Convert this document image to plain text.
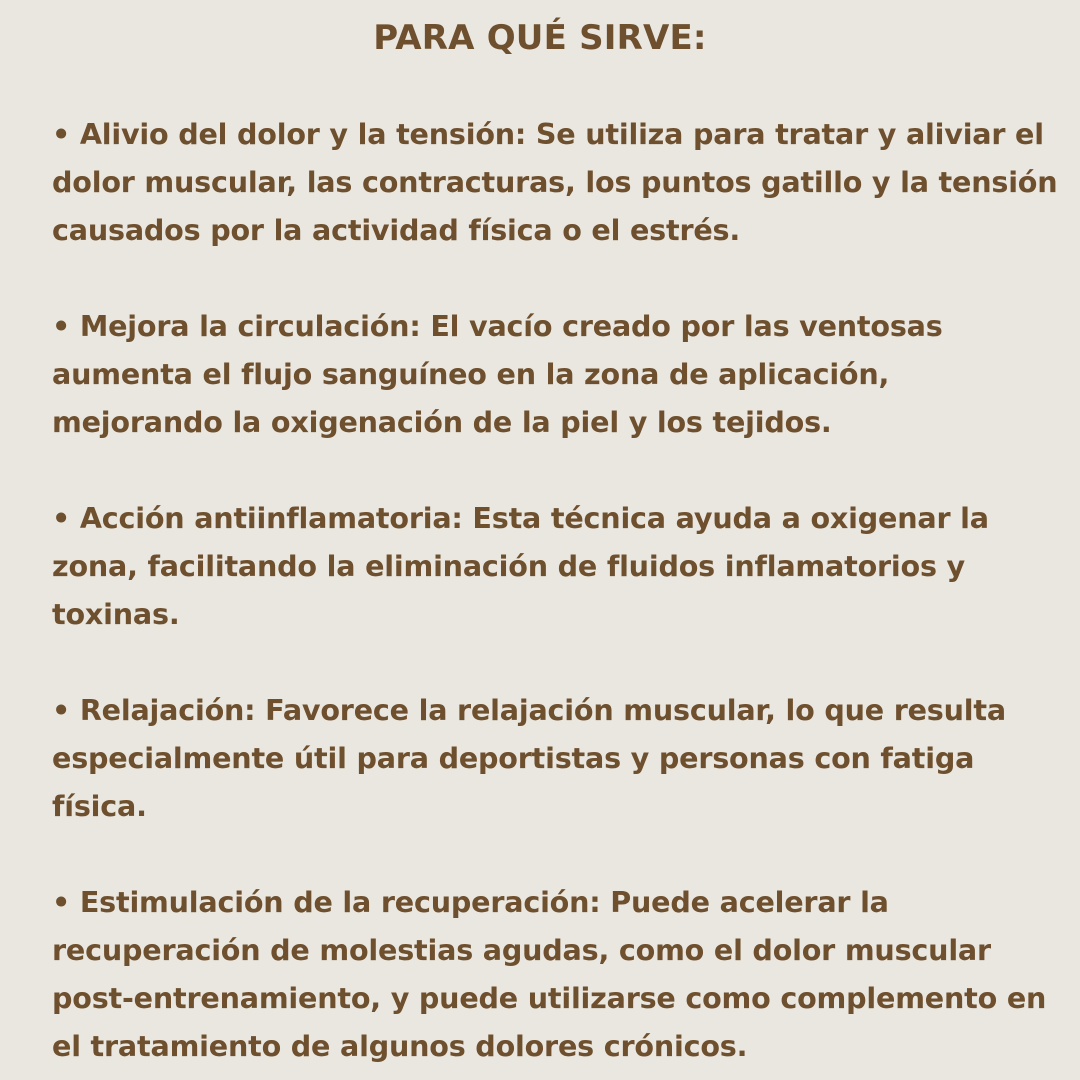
PARA QUÉ SIRVE:

• Alivio del dolor y la tensión: Se utiliza para tratar y aliviar el dolor muscular, las contracturas, los puntos gatillo y la tensión causados por la actividad física o el estrés.

• Mejora la circulación: El vacío creado por las ventosas aumenta el flujo sanguíneo en la zona de aplicación, mejorando la oxigenación de la piel y los tejidos.

• Acción antiinflamatoria: Esta técnica ayuda a oxigenar la zona, facilitando la eliminación de fluidos inflamatorios y toxinas.

• Relajación: Favorece la relajación muscular, lo que resulta especialmente útil para deportistas y personas con fatiga física.

• Estimulación de la recuperación: Puede acelerar la recuperación de molestias agudas, como el dolor muscular post-entrenamiento, y puede utilizarse como complemento en el tratamiento de algunos dolores crónicos.
